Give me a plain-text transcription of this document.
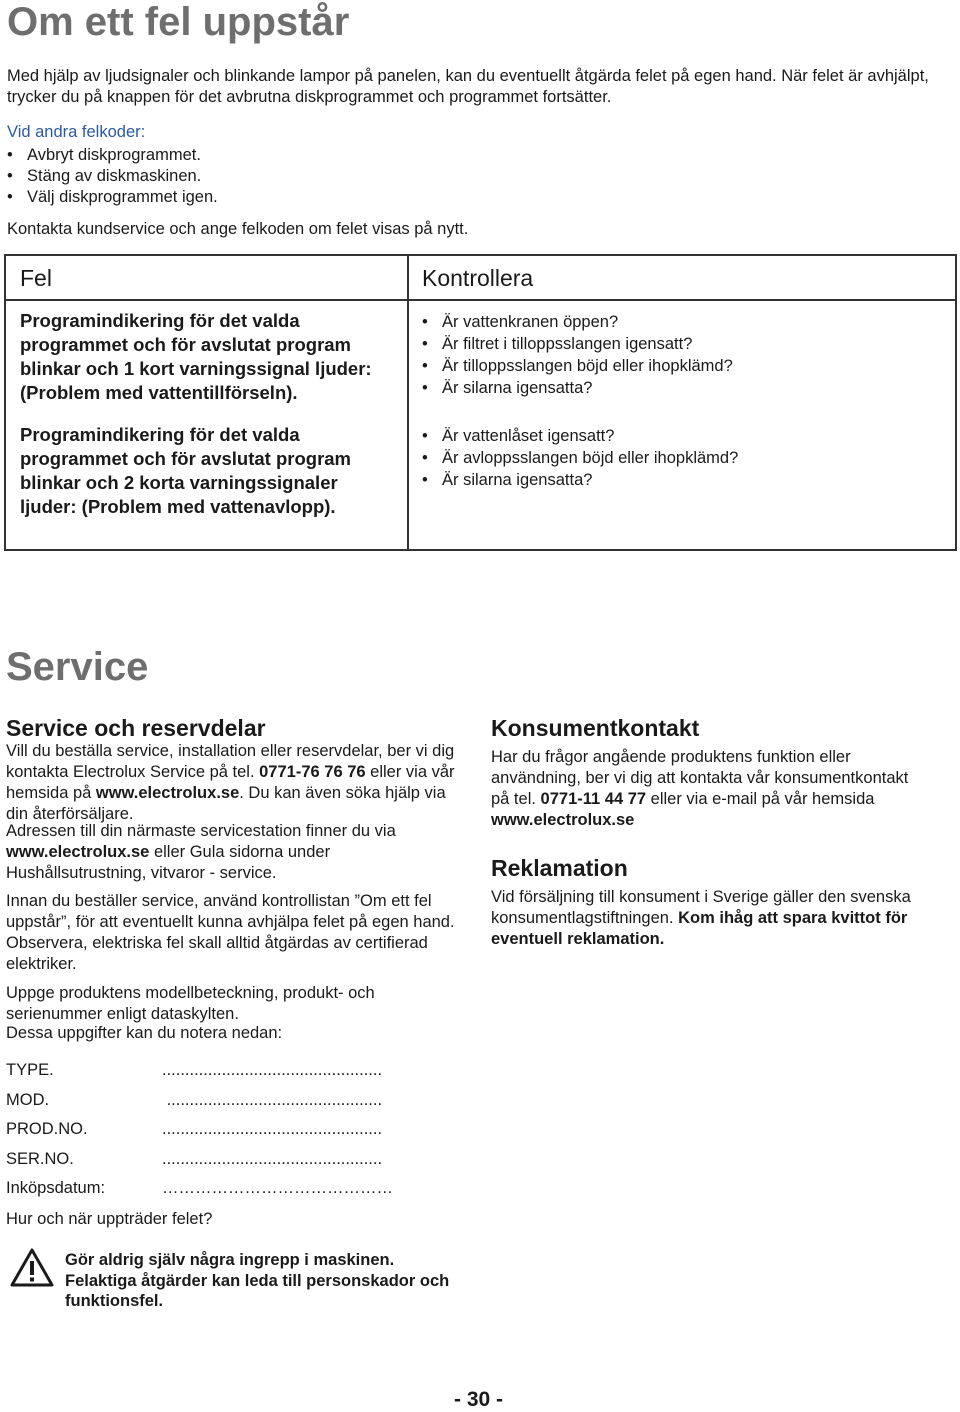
Om ett fel uppstår
Med hjälp av ljudsignaler och blinkande lampor på panelen, kan du eventuellt åtgärda felet på egen hand. När felet är avhjälpt, trycker du på knappen för det avbrutna diskprogrammet och programmet fortsätter.
Vid andra felkoder:
• Avbryt diskprogrammet.
• Stäng av diskmaskinen.
• Välj diskprogrammet igen.
Kontakta kundservice och ange felkoden om felet visas på nytt.
Fel	Kontrollera
Programindikering för det valda programmet och för avslutat program blinkar och 1 kort varningssignal ljuder: (Problem med vattentillförseln).
• Är vattenkranen öppen?
• Är filtret i tilloppsslangen igensatt?
• Är tilloppsslangen böjd eller ihopklämd?
• Är silarna igensatta?
Programindikering för det valda programmet och för avslutat program blinkar och 2 korta varningssignaler ljuder: (Problem med vattenavlopp).
• Är vattenlåset igensatt?
• Är avloppsslangen böjd eller ihopklämd?
• Är silarna igensatta?
Service
Service och reservdelar
Vill du beställa service, installation eller reservdelar, ber vi dig kontakta Electrolux Service på tel. 0771-76 76 76 eller via vår hemsida på www.electrolux.se. Du kan även söka hjälp via din återförsäljare.
Adressen till din närmaste servicestation finner du via www.electrolux.se eller Gula sidorna under Hushållsutrustning, vitvaror - service.
Innan du beställer service, använd kontrollistan ”Om ett fel uppstår”, för att eventuellt kunna avhjälpa felet på egen hand. Observera, elektriska fel skall alltid åtgärdas av certifierad elektriker.
Uppge produktens modellbeteckning, produkt- och serienummer enligt dataskylten.
Dessa uppgifter kan du notera nedan:
TYPE.	................................................
MOD.	...............................................
PROD.NO.	................................................
SER.NO.	................................................
Inköpsdatum:	……………………………………
Hur och när uppträder felet?
Gör aldrig själv några ingrepp i maskinen. Felaktiga åtgärder kan leda till personskador och funktionsfel.
Konsumentkontakt
Har du frågor angående produktens funktion eller användning, ber vi dig att kontakta vår konsumentkontakt på tel. 0771-11 44 77 eller via e-mail på vår hemsida www.electrolux.se
Reklamation
Vid försäljning till konsument i Sverige gäller den svenska konsumentlagstiftningen. Kom ihåg att spara kvittot för eventuell reklamation.
- 30 -
